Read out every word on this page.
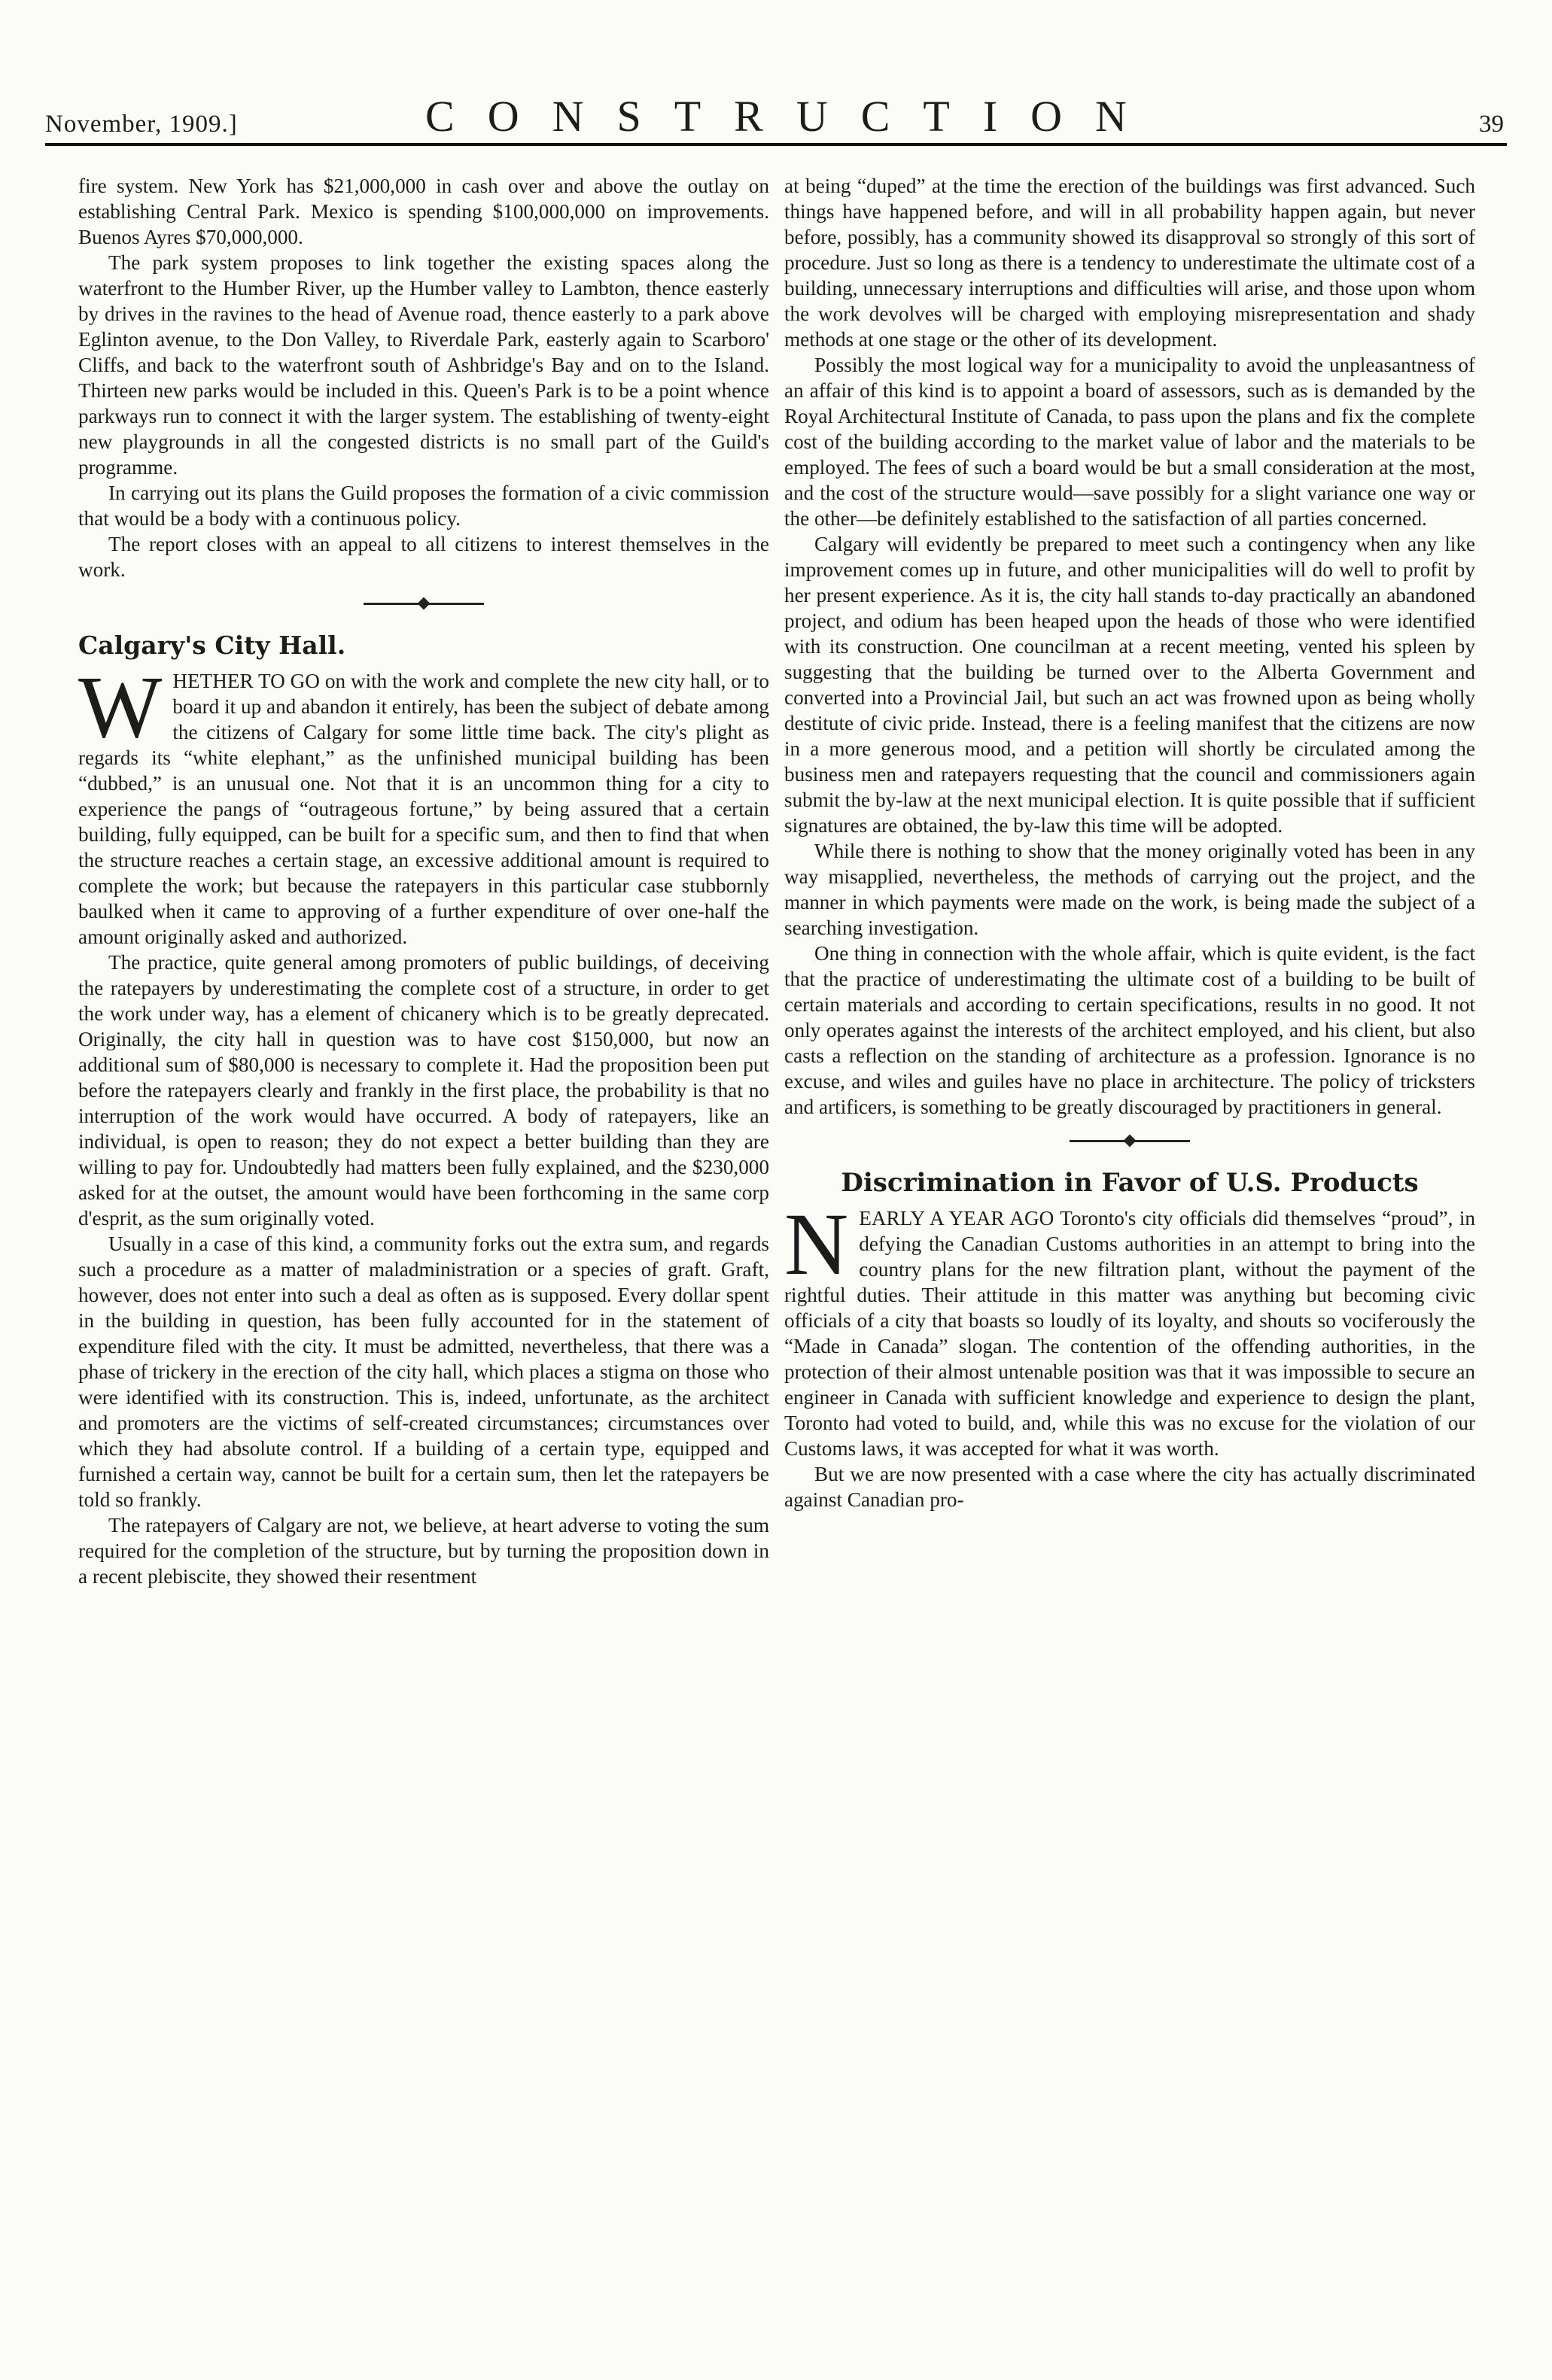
November, 1909.]	CONSTRUCTION	39

fire system. New York has $21,000,000 in cash over and above the outlay on establishing Central Park. Mexico is spending $100,000,000 on improvements. Buenos Ayres $70,000,000.

The park system proposes to link together the existing spaces along the waterfront to the Humber River, up the Humber valley to Lambton, thence easterly by drives in the ravines to the head of Avenue road, thence easterly to a park above Eglinton avenue, to the Don Valley, to Riverdale Park, easterly again to Scarboro' Cliffs, and back to the waterfront south of Ashbridge's Bay and on to the Island. Thirteen new parks would be included in this. Queen's Park is to be a point whence parkways run to connect it with the larger system. The establishing of twenty-eight new playgrounds in all the congested districts is no small part of the Guild's programme.

In carrying out its plans the Guild proposes the formation of a civic commission that would be a body with a continuous policy.

The report closes with an appeal to all citizens to interest themselves in the work.

Calgary's City Hall.

WHETHER TO GO on with the work and complete the new city hall, or to board it up and abandon it entirely, has been the subject of debate among the citizens of Calgary for some little time back. The city's plight as regards its “white elephant,” as the unfinished municipal building has been “dubbed,” is an unusual one. Not that it is an uncommon thing for a city to experience the pangs of “outrageous fortune,” by being assured that a certain building, fully equipped, can be built for a specific sum, and then to find that when the structure reaches a certain stage, an excessive additional amount is required to complete the work; but because the ratepayers in this particular case stubbornly baulked when it came to approving of a further expenditure of over one-half the amount originally asked and authorized.

The practice, quite general among promoters of public buildings, of deceiving the ratepayers by underestimating the complete cost of a structure, in order to get the work under way, has a element of chicanery which is to be greatly deprecated. Originally, the city hall in question was to have cost $150,000, but now an additional sum of $80,000 is necessary to complete it. Had the proposition been put before the ratepayers clearly and frankly in the first place, the probability is that no interruption of the work would have occurred. A body of ratepayers, like an individual, is open to reason; they do not expect a better building than they are willing to pay for. Undoubtedly had matters been fully explained, and the $230,000 asked for at the outset, the amount would have been forthcoming in the same corp d'esprit, as the sum originally voted.

Usually in a case of this kind, a community forks out the extra sum, and regards such a procedure as a matter of maladministration or a species of graft. Graft, however, does not enter into such a deal as often as is supposed. Every dollar spent in the building in question, has been fully accounted for in the statement of expenditure filed with the city. It must be admitted, nevertheless, that there was a phase of trickery in the erection of the city hall, which places a stigma on those who were identified with its construction. This is, indeed, unfortunate, as the architect and promoters are the victims of self-created circumstances; circumstances over which they had absolute control. If a building of a certain type, equipped and furnished a certain way, cannot be built for a certain sum, then let the ratepayers be told so frankly.

The ratepayers of Calgary are not, we believe, at heart adverse to voting the sum required for the completion of the structure, but by turning the proposition down in a recent plebiscite, they showed their resentment

at being “duped” at the time the erection of the buildings was first advanced. Such things have happened before, and will in all probability happen again, but never before, possibly, has a community showed its disapproval so strongly of this sort of procedure. Just so long as there is a tendency to underestimate the ultimate cost of a building, unnecessary interruptions and difficulties will arise, and those upon whom the work devolves will be charged with employing misrepresentation and shady methods at one stage or the other of its development.

Possibly the most logical way for a municipality to avoid the unpleasantness of an affair of this kind is to appoint a board of assessors, such as is demanded by the Royal Architectural Institute of Canada, to pass upon the plans and fix the complete cost of the building according to the market value of labor and the materials to be employed. The fees of such a board would be but a small consideration at the most, and the cost of the structure would—save possibly for a slight variance one way or the other—be definitely established to the satisfaction of all parties concerned.

Calgary will evidently be prepared to meet such a contingency when any like improvement comes up in future, and other municipalities will do well to profit by her present experience. As it is, the city hall stands to-day practically an abandoned project, and odium has been heaped upon the heads of those who were identified with its construction. One councilman at a recent meeting, vented his spleen by suggesting that the building be turned over to the Alberta Government and converted into a Provincial Jail, but such an act was frowned upon as being wholly destitute of civic pride. Instead, there is a feeling manifest that the citizens are now in a more generous mood, and a petition will shortly be circulated among the business men and ratepayers requesting that the council and commissioners again submit the by-law at the next municipal election. It is quite possible that if sufficient signatures are obtained, the by-law this time will be adopted.

While there is nothing to show that the money originally voted has been in any way misapplied, nevertheless, the methods of carrying out the project, and the manner in which payments were made on the work, is being made the subject of a searching investigation.

One thing in connection with the whole affair, which is quite evident, is the fact that the practice of underestimating the ultimate cost of a building to be built of certain materials and according to certain specifications, results in no good. It not only operates against the interests of the architect employed, and his client, but also casts a reflection on the standing of architecture as a profession. Ignorance is no excuse, and wiles and guiles have no place in architecture. The policy of tricksters and artificers, is something to be greatly discouraged by practitioners in general.

Discrimination in Favor of U.S. Products

NEARLY A YEAR AGO Toronto's city officials did themselves “proud”, in defying the Canadian Customs authorities in an attempt to bring into the country plans for the new filtration plant, without the payment of the rightful duties. Their attitude in this matter was anything but becoming civic officials of a city that boasts so loudly of its loyalty, and shouts so vociferously the “Made in Canada” slogan. The contention of the offending authorities, in the protection of their almost untenable position was that it was impossible to secure an engineer in Canada with sufficient knowledge and experience to design the plant, Toronto had voted to build, and, while this was no excuse for the violation of our Customs laws, it was accepted for what it was worth.

But we are now presented with a case where the city has actually discriminated against Canadian pro-
